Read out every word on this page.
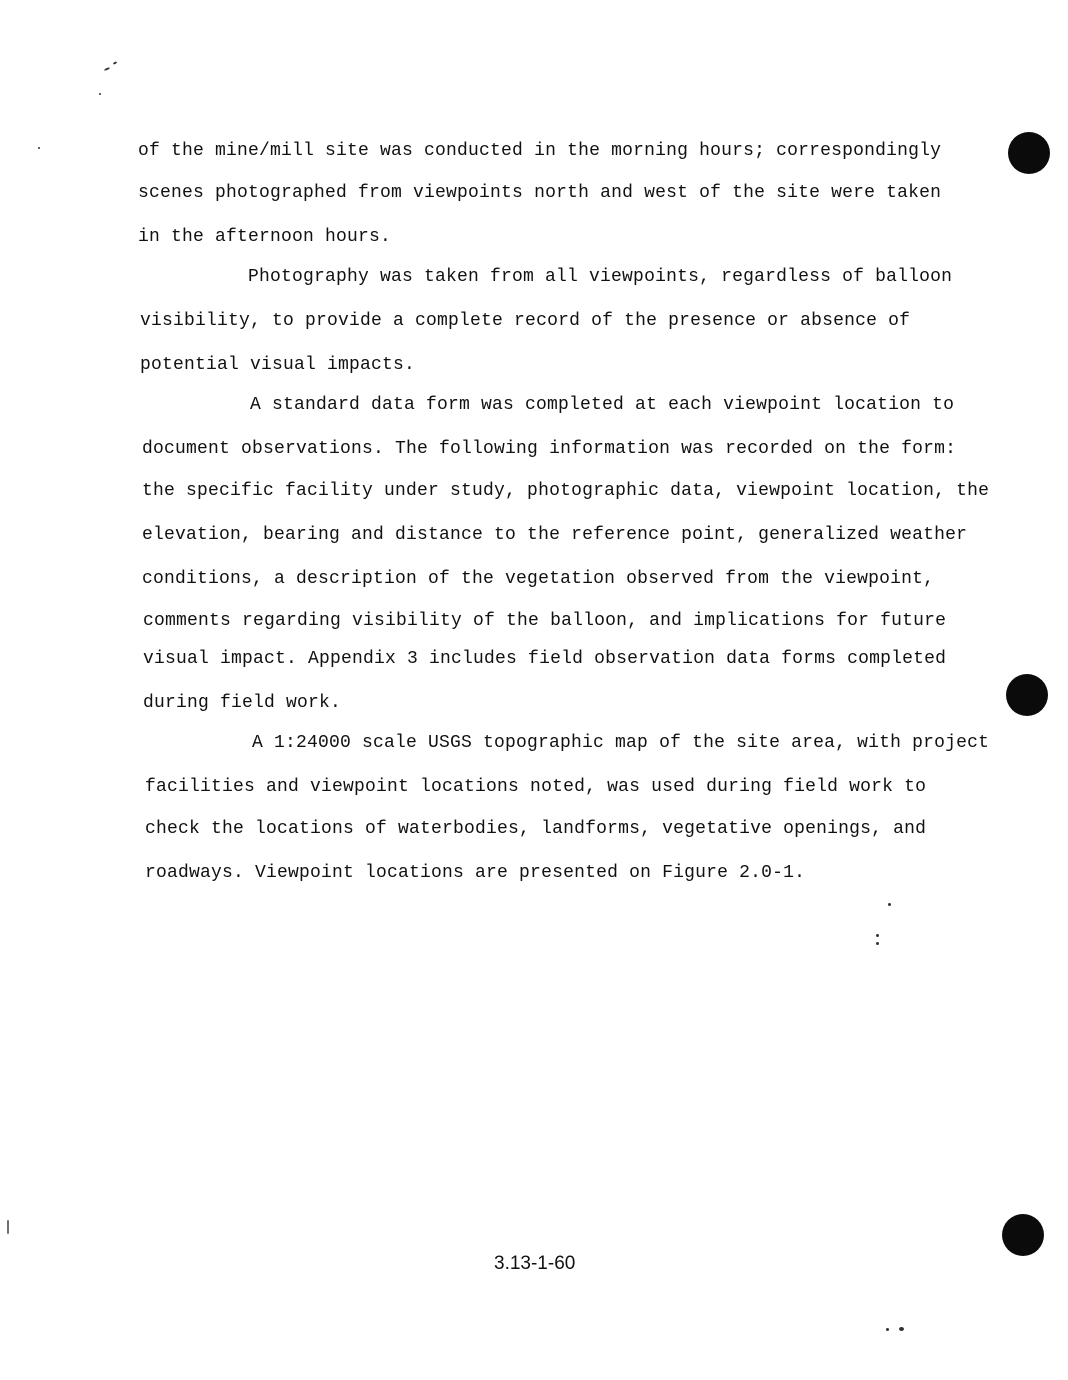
of the mine/mill site was conducted in the morning hours; correspondingly
scenes photographed from viewpoints north and west of the site were taken
in the afternoon hours.
Photography was taken from all viewpoints, regardless of balloon
visibility, to provide a complete record of the presence or absence of
potential visual impacts.
A standard data form was completed at each viewpoint location to
document observations. The following information was recorded on the form:
the specific facility under study, photographic data, viewpoint location, the
elevation, bearing and distance to the reference point, generalized weather
conditions, a description of the vegetation observed from the viewpoint,
comments regarding visibility of the balloon, and implications for future
visual impact. Appendix 3 includes field observation data forms completed
during field work.
A 1:24000 scale USGS topographic map of the site area, with project
facilities and viewpoint locations noted, was used during field work to
check the locations of waterbodies, landforms, vegetative openings, and
roadways. Viewpoint locations are presented on Figure 2.0-1.
3.13-1-60
